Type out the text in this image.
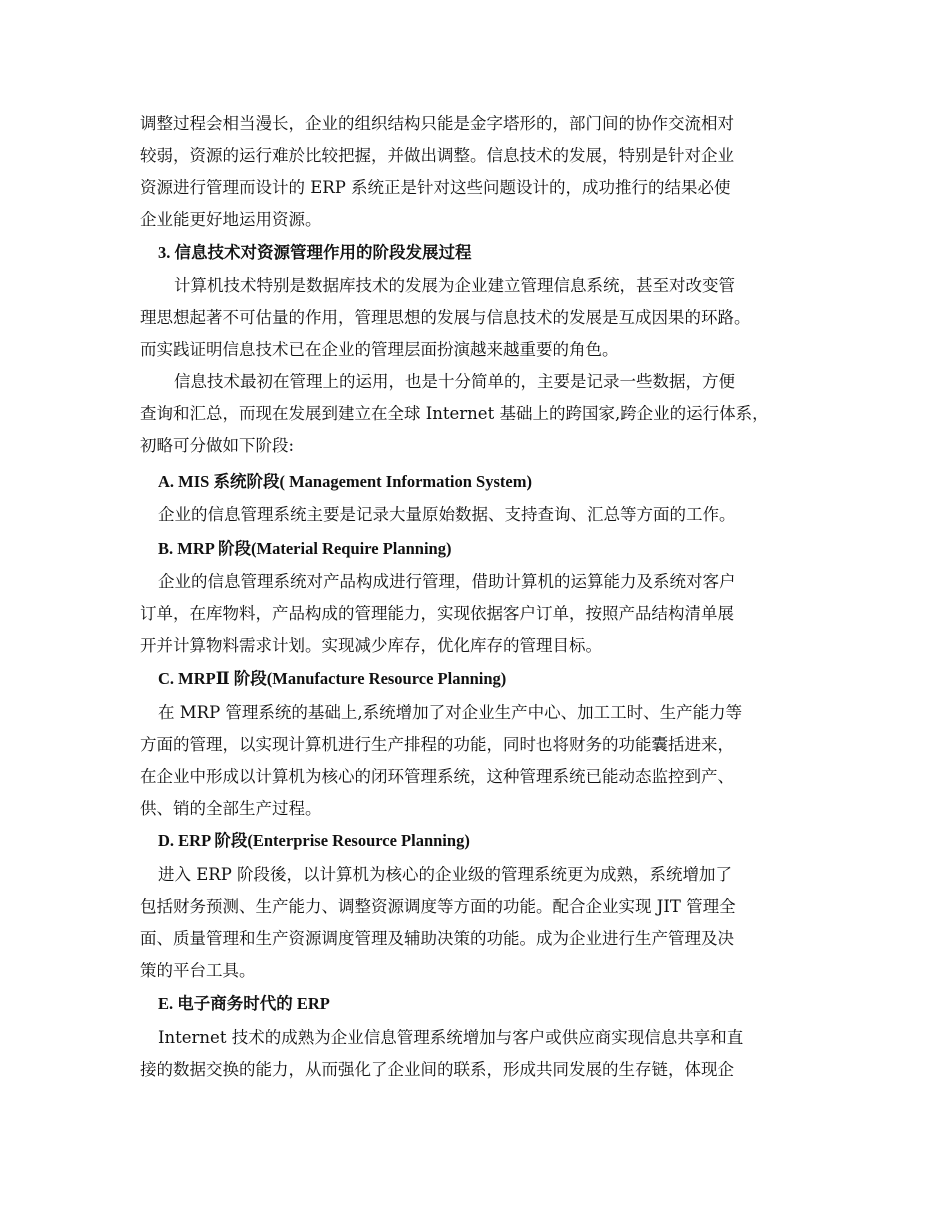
调整过程会相当漫长，企业的组织结构只能是金字塔形的，部门间的协作交流相对
较弱，资源的运行难於比较把握，并做出调整。信息技术的发展，特别是针对企业
资源进行管理而设计的 ERP 系统正是针对这些问题设计的，成功推行的结果必使
企业能更好地运用资源。
3. 信息技术对资源管理作用的阶段发展过程
计算机技术特别是数据库技术的发展为企业建立管理信息系统，甚至对改变管
理思想起著不可估量的作用，管理思想的发展与信息技术的发展是互成因果的环路。
而实践证明信息技术已在企业的管理层面扮演越来越重要的角色。
信息技术最初在管理上的运用，也是十分简单的，主要是记录一些数据，方便
查询和汇总，而现在发展到建立在全球 Internet 基础上的跨国家,跨企业的运行体系，
初略可分做如下阶段:
A. MIS 系统阶段( Management Information System)
企业的信息管理系统主要是记录大量原始数据、支持查询、汇总等方面的工作。
B. MRP 阶段(Material Require Planning)
企业的信息管理系统对产品构成进行管理，借助计算机的运算能力及系统对客户
订单，在库物料，产品构成的管理能力，实现依据客户订单，按照产品结构清单展
开并计算物料需求计划。实现减少库存，优化库存的管理目标。
C. MRPⅡ 阶段(Manufacture Resource Planning)
在 MRP 管理系统的基础上,系统增加了对企业生产中心、加工工时、生产能力等
方面的管理，以实现计算机进行生产排程的功能，同时也将财务的功能囊括进来，
在企业中形成以计算机为核心的闭环管理系统，这种管理系统已能动态监控到产、
供、销的全部生产过程。
D. ERP 阶段(Enterprise Resource Planning)
进入 ERP 阶段後，以计算机为核心的企业级的管理系统更为成熟，系统增加了
包括财务预测、生产能力、调整资源调度等方面的功能。配合企业实现 JIT 管理全
面、质量管理和生产资源调度管理及辅助决策的功能。成为企业进行生产管理及决
策的平台工具。
E. 电子商务时代的 ERP
Internet 技术的成熟为企业信息管理系统增加与客户或供应商实现信息共享和直
接的数据交换的能力，从而强化了企业间的联系，形成共同发展的生存链，体现企
